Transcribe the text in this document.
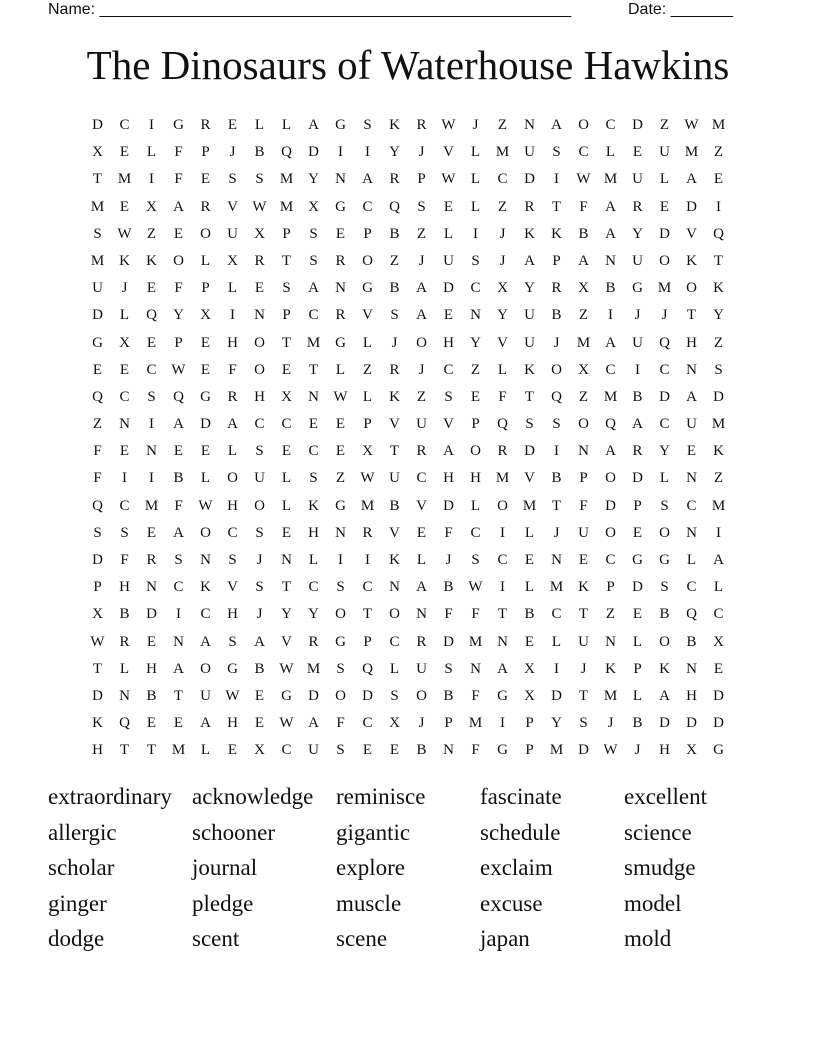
Name: _____________________________________________________	Date: _______
The Dinosaurs of Waterhouse Hawkins
D	C	I	G	R	E	L	L	A	G	S	K	R W	J	Z	N	A	O	C	D	Z	W M
X	E	L	F	P	J	B	Q	D	I	I	Y	J	V	L	M U	S	C	L	E	U M	Z
T	M	I	F	E	S	S	M Y	N	A	R	P	W	L	C	D	I	W M U	L	A	E
M	E	X	A	R	V W M X	G	C	Q	S	E	L	Z	R	T	F	A	R	E	D	I
S	W	Z	E	O	U	X	P	S	E	P	B	Z	L	I	J	K	K	B	A	Y	D	V	Q
M K	K	O	L	X	R	T	S	R	O	Z	J	U	S	J	A	P	A	N	U	O	K	T
U	J	E	F	P	L	E	S	A	N	G	B	A	D	C	X	Y	R	X	B	G M O	K
D	L	Q	Y	X	I	N	P	C	R	V	S	A	E	N	Y	U	B	Z	I	J	J	T	Y
G	X	E	P	E	H	O	T	M G	L	J	O	H	Y	V	U	J	M A	U	Q	H	Z
E	E	C W	E	F	O	E	T	L	Z	R	J	C	Z	L	K	O	X	C	I	C	N	S
Q	C	S	Q	G	R	H	X	N W	L	K	Z	S	E	F	T	Q	Z	M	B	D	A	D
Z	N	I	A	D	A	C	C	E	E	P	V	U	V	P	Q	S	S	O	Q	A	C	U M
F	E	N	E	E	L	S	E	C	E	X	T	R	A	O	R	D	I	N	A	R	Y	E	K
F	I	I	B	L	O	U	L	S	Z	W U	C	H	H M V	B	P	O	D	L	N	Z
Q	C	M	F	W H	O	L	K	G M	B	V	D	L	O M	T	F	D	P	S	C	M
S	S	E	A	O	C	S	E	H	N	R	V	E	F	C	I	L	J	U	O	E	O	N	I
D	F	R	S	N	S	J	N	L	I	I	K	L	J	S	C	E	N	E	C	G	G	L	A
P	H	N	C	K	V	S	T	C	S	C	N	A	B W	I	L	M K	P	D	S	C	L
X	B	D	I	C	H	J	Y	Y	O	T	O	N	F	F	T	B	C	T	Z	E	B	Q	C
W R	E	N	A	S	A	V	R	G	P	C	R	D M N	E	L	U	N	L	O	B	X
T	L	H	A	O	G	B W M	S	Q	L	U	S	N	A	X	I	J	K	P	K	N	E
D	N	B	T	U W	E	G	D	O	D	S	O	B	F	G	X	D	T	M	L	A	H	D
K	Q	E	E	A	H	E	W A	F	C	X	J	P	M	I	P	Y	S	J	B	D	D	D
H	T	T	M	L	E	X	C	U	S	E	E	B	N	F	G	P	M D W	J	H	X	G
extraordinary acknowledge reminisce	fascinate	excellent
allergic	schooner	gigantic	schedule	science
scholar	journal	explore	exclaim	smudge
ginger	pledge	muscle	excuse	model
dodge	scent	scene	japan	mold
